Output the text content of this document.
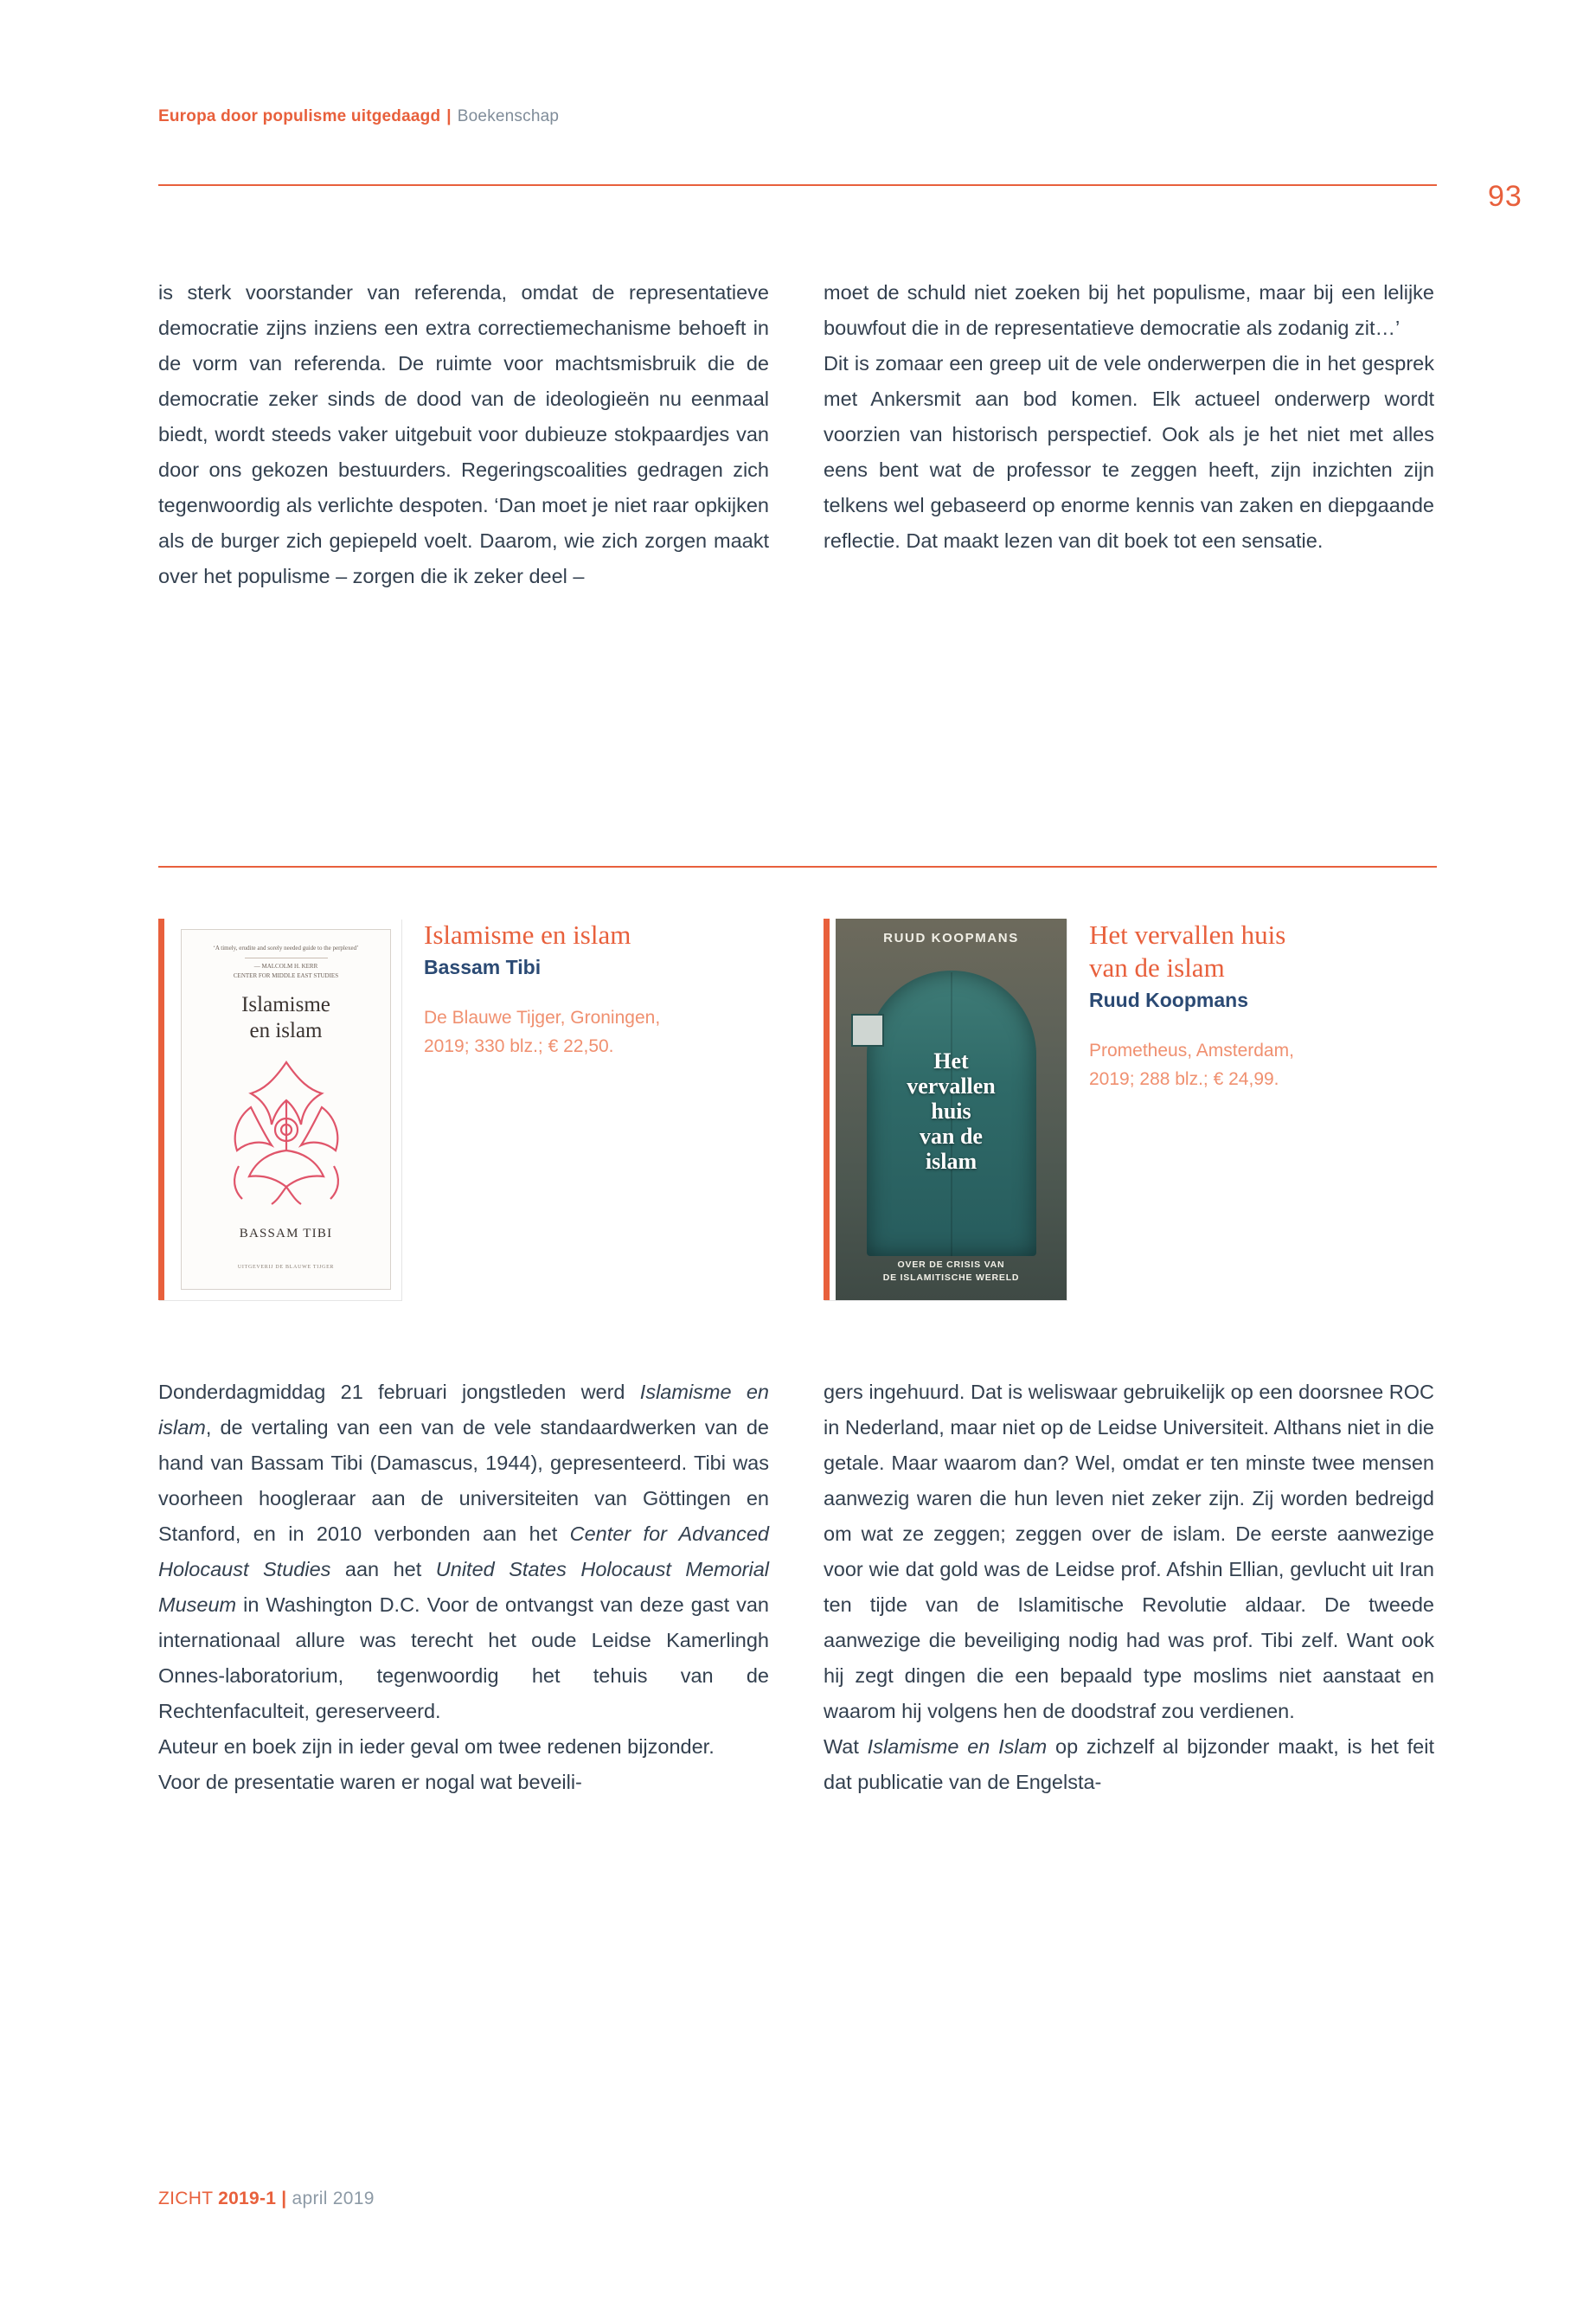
Europa door populisme uitgedaagd | Boekenschap
93

is sterk voorstander van referenda, omdat de representatieve democratie zijns inziens een extra correctiemechanisme behoeft in de vorm van referenda. De ruimte voor machtsmisbruik die de democratie zeker sinds de dood van de ideologieën nu eenmaal biedt, wordt steeds vaker uitgebuit voor dubieuze stokpaardjes van door ons gekozen bestuurders. Regeringscoalities gedragen zich tegenwoordig als verlichte despoten. ‘Dan moet je niet raar opkijken als de burger zich gepiepeld voelt. Daarom, wie zich zorgen maakt over het populisme – zorgen die ik zeker deel –

moet de schuld niet zoeken bij het populisme, maar bij een lelijke bouwfout die in de representatieve democratie als zodanig zit…’

Dit is zomaar een greep uit de vele onderwerpen die in het gesprek met Ankersmit aan bod komen. Elk actueel onderwerp wordt voorzien van historisch perspectief. Ook als je het niet met alles eens bent wat de professor te zeggen heeft, zijn inzichten zijn telkens wel gebaseerd op enorme kennis van zaken en diepgaande reflectie. Dat maakt lezen van dit boek tot een sensatie.

‘A timely, erudite and sorely needed guide to the perplexed’
— MALCOLM H. KERR
CENTER FOR MIDDLE EAST STUDIES
Islamisme
en islam
BASSAM TIBI
UITGEVERIJ DE BLAUWE TIJGER
Islamisme en islam

Bassam Tibi

De Blauwe Tijger, Groningen,
2019; 330 blz.; € 22,50.
RUUD KOOPMANS
Het
vervallen
huis
van de
islam
OVER DE CRISIS VAN
DE ISLAMITISCHE WERELD
Het vervallen huis
van de islam

Ruud Koopmans

Prometheus, Amsterdam,
2019; 288 blz.; € 24,99.

Donderdagmiddag 21 februari jongstleden werd Islamisme en islam, de vertaling van een van de vele standaardwerken van de hand van Bassam Tibi (Damascus, 1944), gepresenteerd. Tibi was voorheen hoogleraar aan de universiteiten van Göttingen en Stanford, en in 2010 verbonden aan het Center for Advanced Holocaust Studies aan het United States Holocaust Memorial Museum in Washington D.C. Voor de ontvangst van deze gast van internationaal allure was terecht het oude Leidse Kamerlingh Onnes-laboratorium, tegenwoordig het tehuis van de Rechtenfaculteit, gereserveerd.

Auteur en boek zijn in ieder geval om twee redenen bijzonder.

Voor de presentatie waren er nogal wat beveili-

gers ingehuurd. Dat is weliswaar gebruikelijk op een doorsnee ROC in Nederland, maar niet op de Leidse Universiteit. Althans niet in die getale. Maar waarom dan? Wel, omdat er ten minste twee mensen aanwezig waren die hun leven niet zeker zijn. Zij worden bedreigd om wat ze zeggen; zeggen over de islam. De eerste aanwezige voor wie dat gold was de Leidse prof. Afshin Ellian, gevlucht uit Iran ten tijde van de Islamitische Revolutie aldaar. De tweede aanwezige die beveiliging nodig had was prof. Tibi zelf. Want ook hij zegt dingen die een bepaald type moslims niet aanstaat en waarom hij volgens hen de doodstraf zou verdienen.

Wat Islamisme en Islam op zichzelf al bijzonder maakt, is het feit dat publicatie van de Engelsta-

ZICHT 2019-1 | april 2019
